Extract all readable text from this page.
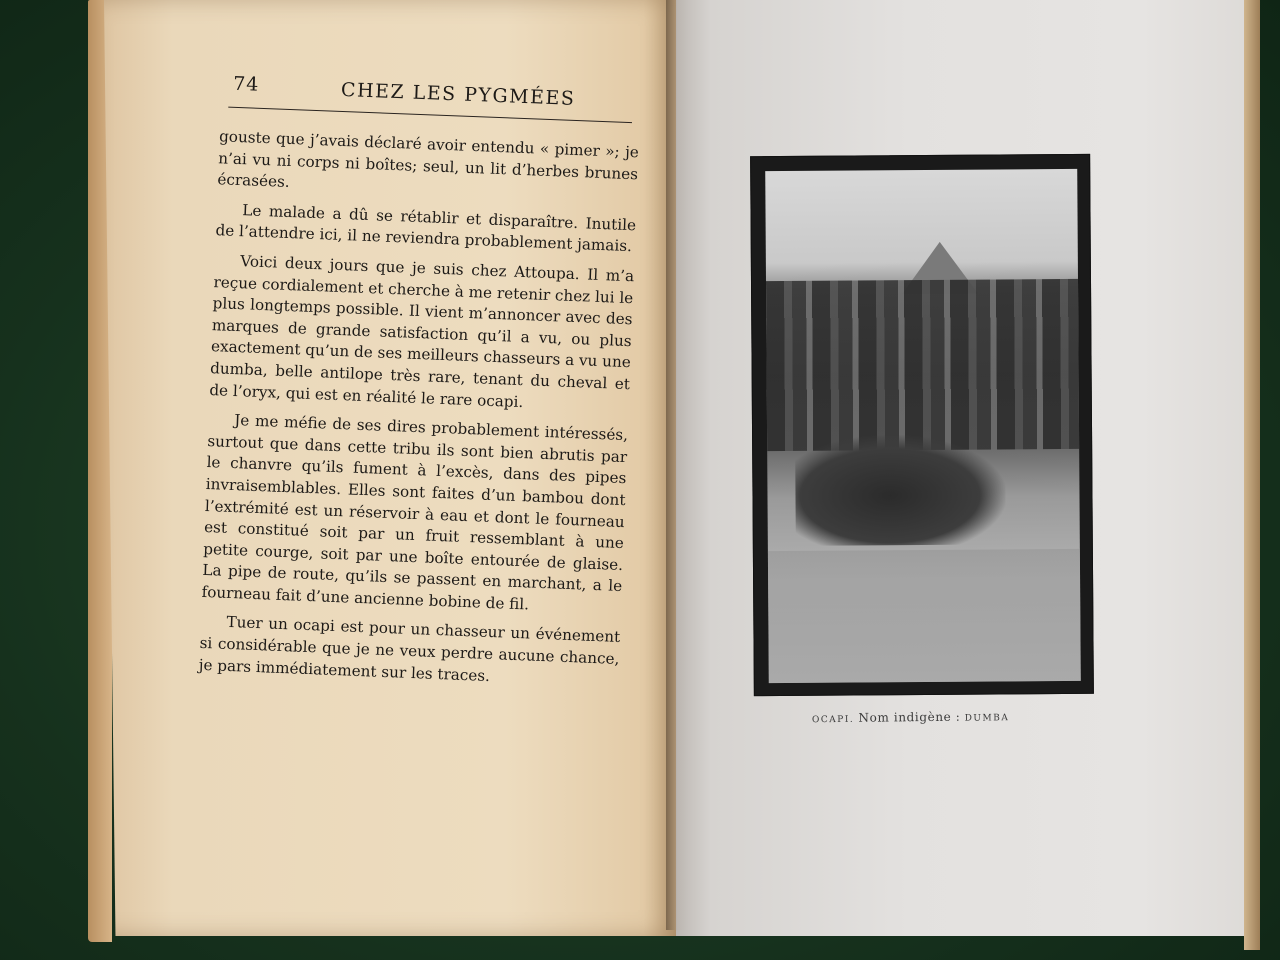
74	CHEZ LES PYGMÉES

gouste que j’avais déclaré avoir entendu « pimer »; je n’ai vu ni corps ni boîtes; seul, un lit d’herbes brunes écrasées.

Le malade a dû se rétablir et disparaître. Inutile de l’attendre ici, il ne reviendra probablement jamais.

Voici deux jours que je suis chez Attoupa. Il m’a reçue cordialement et cherche à me retenir chez lui le plus longtemps possible. Il vient m’annoncer avec des marques de grande satisfaction qu’il a vu, ou plus exactement qu’un de ses meilleurs chasseurs a vu une dumba, belle antilope très rare, tenant du cheval et de l’oryx, qui est en réalité le rare ocapi.

Je me méfie de ses dires probablement intéressés, surtout que dans cette tribu ils sont bien abrutis par le chanvre qu’ils fument à l’excès, dans des pipes invraisemblables. Elles sont faites d’un bambou dont l’extrémité est un réservoir à eau et dont le fourneau est constitué soit par un fruit ressemblant à une petite courge, soit par une boîte entourée de glaise. La pipe de route, qu’ils se passent en marchant, a le fourneau fait d’une ancienne bobine de fil.

Tuer un ocapi est pour un chasseur un événement si considérable que je ne veux perdre aucune chance, je pars immédiatement sur les traces.

OCAPI. Nom indigène : DUMBA
